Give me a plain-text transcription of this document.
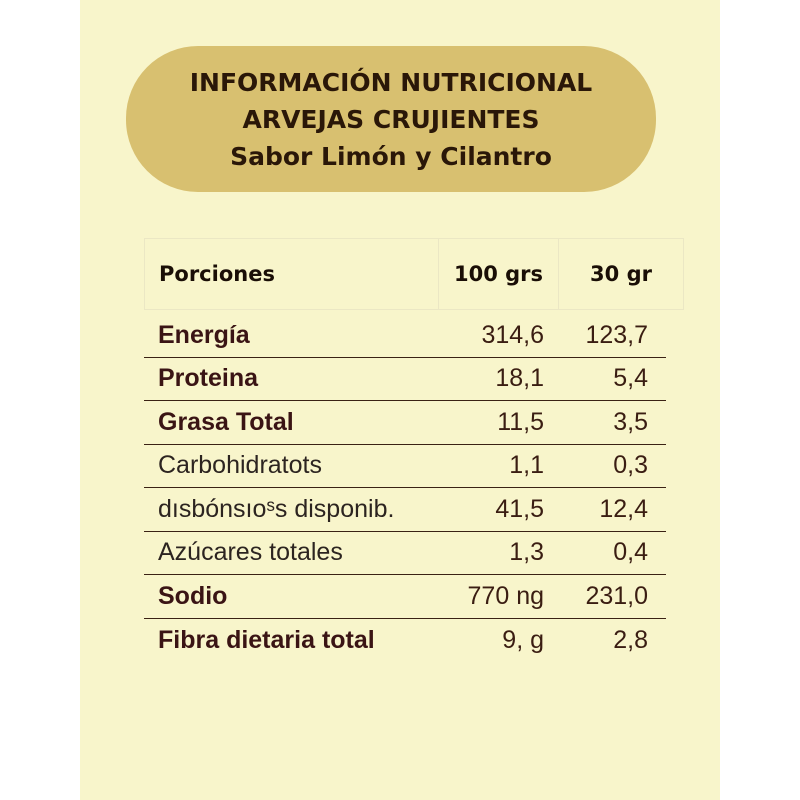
INFORMACIÓN NUTRICIONAL
ARVEJAS CRUJIENTES
Sabor Limón y Cilantro
Porciones	100 grs	30 gr
Energía	314,6	123,7
Proteina	18,1	5,4
Grasa Total	11,5	3,5
Carbohidratots	1,1	0,3
dısbónsıoˢs disponib.	41,5	12,4
Azúcares totales	1,3	0,4
Sodio	770 ng	231,0
Fibra dietaria total	9, g	2,8
